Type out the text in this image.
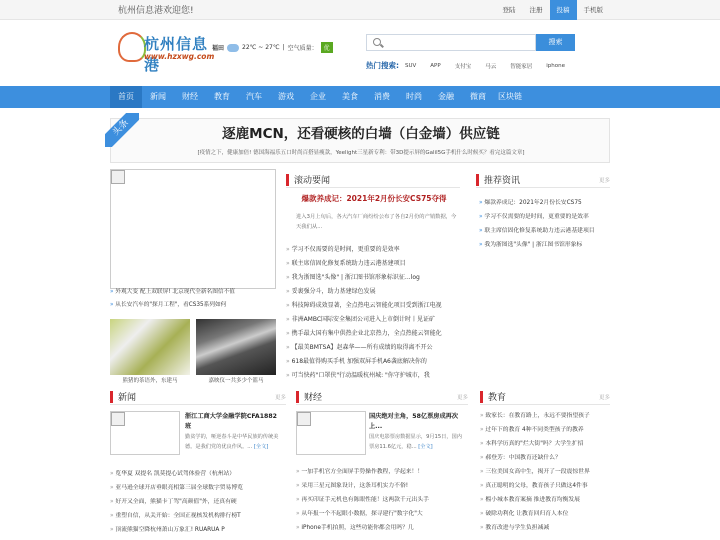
杭州信息港欢迎您!	登陆	注册	投稿	手机版
杭州信息港
www.hzxwg.com
福田	22℃ ~ 27℃ | 空气质量：	优
搜索
热门搜索: SUV	APP	支付宝	马云	智能家居	iphone
首页	新闻	财经	教育	汽车	游戏	企业	美食	消费	时尚	金融	微商	区块链
头条	逐鹿MCN，还看硬核的白墙（白金墙）供应链
[疫情之下，健康加倍! 德国海福乐五口时尚百搭显瘦款，Yeelight三星新专利：带3D提示屏的Galil5G手机什么时候买？看完这篇文章]
» 外观大变 配上双联屏! 北京现代全新名图信不值
» 从长安汽车的"探月工程"，看CS35系列如何
熊猪的茶语外，东建马	嘉映仪一共多少个篮马
滚动要闻
爆款养成记：2021年2月份长安CS75夺得
进入3月上旬后，各大汽车厂商纷纷公布了各自2月份的产销数据，今天我们从...
» 学习不仅需要的是时间，更重要的是效率
» 联主席信固化修复系统助力违云港基建项目
» 我为浙图选"头像" | 浙江图书馆形象标识征...log
» 妥裹强分斗，助力基建绿色发展
» 科技障碍成效显著，全点热电云智能化项目受到浙江电视
» 非洲AMBC国际安全集团公司进入上市倒计时丨见证矿
» 携手最大国有集中供热企业北京热力，全点热能云智能化
» 【最美BMTSA】赵森华——所有成绩的取得离不开公
» 618最值得购买手机 加强双屏手机A6袭底解决你的
» 可当快药"口罩侠"行动温暖杭州城: "你守护城市，我
推荐资讯	更多
» 爆款养成记：2021年2月份长安CS75
» 学习不仅需要的是时间，更重要的是效率
» 联主席信固化修复系统助力违云港基建项目
» 我为浙图选"头像" | 浙江图书馆形象标
新闻	更多
浙江工商大学金融学院CFA1882班
勤贫学的，哑逆春斗是中华民族的传统美德。是我们党的优良作风。... [全文]
» 览华夏 双提名 凯莫提心试驾体验营（杭州站）
» 亚马逊全球开店垂眼亮相第三届全球数字贸易博览
» 好开又全面，熊猫卡丁驾"高颜值"外，还真有硬
» 重塑自信，从关开始：全国正视核发机构排行榜T
» 顶流熊猫空降杭州萧山万象汇! RUARUA P
财经	更多
国庆绝对主角，58亿票房成再次上...
国庆电影票房数据显示，9月15日，国内票房11.6亿元，稳... [全文]
» 一加手机官方全面屏手势操作教程，学起来！！
» 采用三星元图象设计，这条耳机实力不俗!
» 再买印证手元机也有陈眼性能！这两款千元出头手
» 从年报一个不起眼小数据，探寻建行"数字化"大
» iPhone手机拍照，这些功能你都会用吗？几
教育	更多
» 致家长：在教育路上，永远不要指望孩子
» 过年下的教育 4种不同类型孩子的教养
» 本科学历真的"烂大街"吗？大学生扩招
» 郝登芳：中国教育还缺什么？
» 三位美国女高中生，揭开了一段震惊世界
» 真正聪明的父母，教育孩子只做这4件事
» 榴小城本教育案摘 推进教育均衡发展
» 破除功利化 让教育回归育人本位
» 教育改进与学生负担减减
